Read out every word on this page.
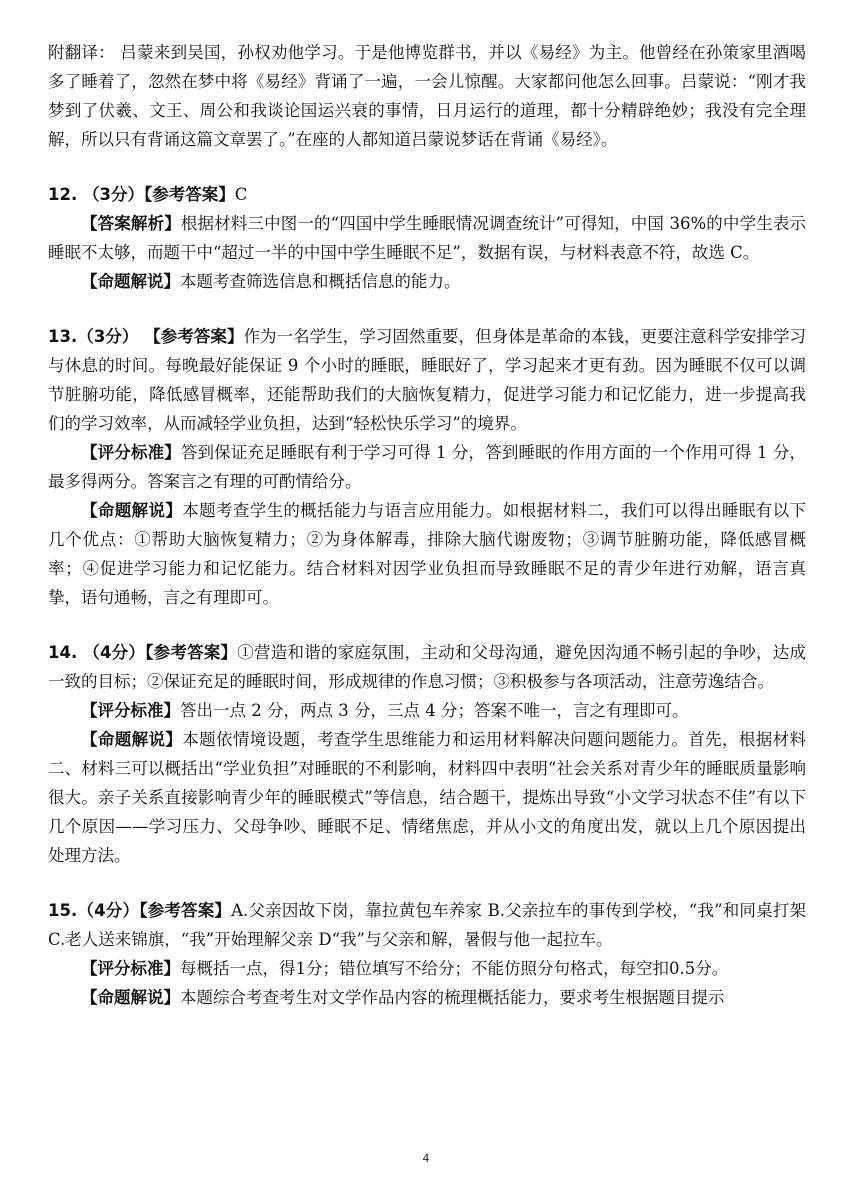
附翻译： 吕蒙来到吴国，孙权劝他学习。于是他博览群书，并以《易经》为主。他曾经在孙策家里酒喝多了睡着了，忽然在梦中将《易经》背诵了一遍，一会儿惊醒。大家都问他怎么回事。吕蒙说：“刚才我梦到了伏羲、文王、周公和我谈论国运兴衰的事情，日月运行的道理，都十分精辟绝妙；我没有完全理解，所以只有背诵这篇文章罢了。”在座的人都知道吕蒙说梦话在背诵《易经》。

12. （3分）【参考答案】C

【答案解析】根据材料三中图一的“四国中学生睡眠情况调查统计”可得知，中国 36%的中学生表示睡眠不太够，而题干中“超过一半的中国中学生睡眠不足”，数据有误，与材料表意不符，故选 C。

【命题解说】本题考查筛选信息和概括信息的能力。

13.（3分） 【参考答案】作为一名学生，学习固然重要，但身体是革命的本钱，更要注意科学安排学习与休息的时间。每晚最好能保证 9 个小时的睡眠，睡眠好了，学习起来才更有劲。因为睡眠不仅可以调节脏腑功能，降低感冒概率，还能帮助我们的大脑恢复精力，促进学习能力和记忆能力，进一步提高我们的学习效率，从而减轻学业负担，达到“轻松快乐学习”的境界。

【评分标准】答到保证充足睡眠有利于学习可得 1 分，答到睡眠的作用方面的一个作用可得 1 分，最多得两分。答案言之有理的可酌情给分。

【命题解说】本题考查学生的概括能力与语言应用能力。如根据材料二，我们可以得出睡眠有以下几个优点：①帮助大脑恢复精力；②为身体解毒，排除大脑代谢废物；③调节脏腑功能，降低感冒概率；④促进学习能力和记忆能力。结合材料对因学业负担而导致睡眠不足的青少年进行劝解，语言真挚，语句通畅，言之有理即可。

14. （4分）【参考答案】①营造和谐的家庭氛围，主动和父母沟通，避免因沟通不畅引起的争吵，达成一致的目标；②保证充足的睡眠时间，形成规律的作息习惯；③积极参与各项活动，注意劳逸结合。

【评分标准】答出一点 2 分，两点 3 分，三点 4 分；答案不唯一，言之有理即可。

【命题解说】本题依情境设题，考查学生思维能力和运用材料解决问题问题能力。首先，根据材料二、材料三可以概括出“学业负担”对睡眠的不利影响，材料四中表明“社会关系对青少年的睡眠质量影响很大。亲子关系直接影响青少年的睡眠模式”等信息，结合题干，提炼出导致“小文学习状态不佳”有以下几个原因——学习压力、父母争吵、睡眠不足、情绪焦虑，并从小文的角度出发，就以上几个原因提出处理方法。

15.（4分）【参考答案】A.父亲因故下岗，靠拉黄包车养家 B.父亲拉车的事传到学校，“我”和同桌打架 C.老人送来锦旗，“我”开始理解父亲 D“我”与父亲和解，暑假与他一起拉车。

【评分标准】每概括一点，得1分；错位填写不给分；不能仿照分句格式，每空扣0.5分。

【命题解说】本题综合考查考生对文学作品内容的梳理概括能力，要求考生根据题目提示

4
